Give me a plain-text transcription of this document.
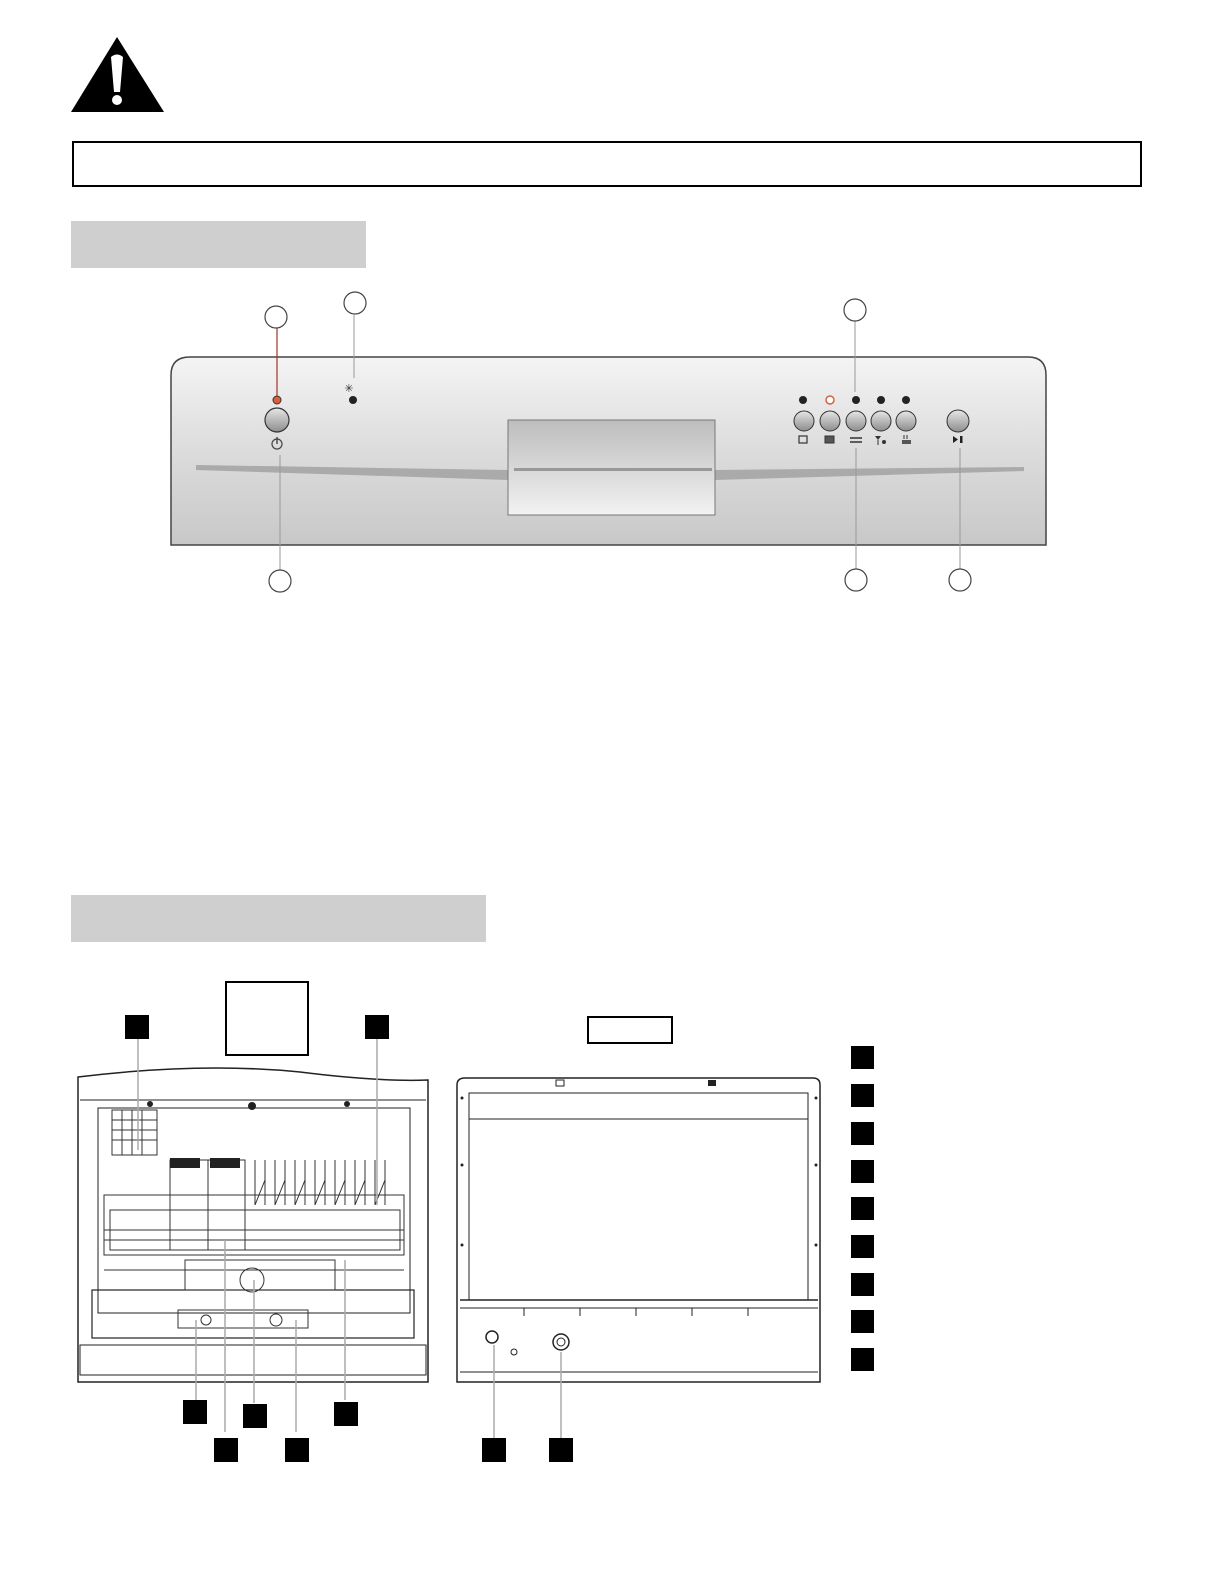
✳
